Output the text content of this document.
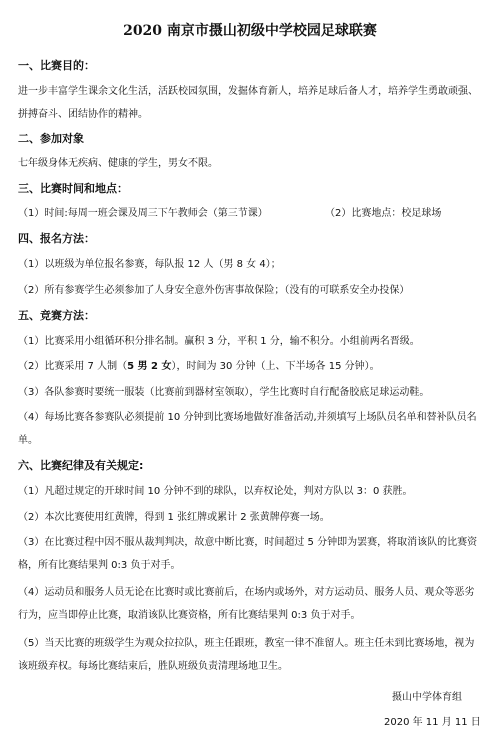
2020 南京市摄山初级中学校园足球联赛
一、比赛目的：
进一步丰富学生课余文化生活，活跃校园氛围，发掘体育新人，培养足球后备人才，培养学生勇敢顽强、拼搏奋斗、团结协作的精神。
二、参加对象
七年级身体无疾病、健康的学生，男女不限。
三、比赛时间和地点：
（1）时间:每周一班会课及周三下午教师会（第三节课）	（2）比赛地点：校足球场
四、报名方法：
（1）以班级为单位报名参赛，每队报 12 人（男 8 女 4）；
（2）所有参赛学生必须参加了人身安全意外伤害事故保险；（没有的可联系安全办投保）
五、竞赛方法：
（1）比赛采用小组循环积分排名制。赢积 3 分，平积 1 分，输不积分。小组前两名晋级。
（2）比赛采用 7 人制（5 男 2 女），时间为 30 分钟（上、下半场各 15 分钟）。
（3）各队参赛时要统一服装（比赛前到器材室领取），学生比赛时自行配备胶底足球运动鞋。
（4）每场比赛各参赛队必须提前 10 分钟到比赛场地做好准备活动,并须填写上场队员名单和替补队员名单。
六、比赛纪律及有关规定:
（1）凡超过规定的开球时间 10 分钟不到的球队，以弃权论处，判对方队以 3：0 获胜。
（2）本次比赛使用红黄牌，得到 1 张红牌或累计 2 张黄牌停赛一场。
（3）在比赛过程中因不服从裁判判决，故意中断比赛，时间超过 5 分钟即为罢赛，将取消该队的比赛资格，所有比赛结果判 0:3 负于对手。
（4）运动员和服务人员无论在比赛时或比赛前后，在场内或场外，对方运动员、服务人员、观众等恶劣行为，应当即停止比赛，取消该队比赛资格，所有比赛结果判 0:3 负于对手。
（5）当天比赛的班级学生为观众拉拉队，班主任跟班，教室一律不准留人。班主任未到比赛场地，视为该班级弃权。每场比赛结束后，胜队班级负责清理场地卫生。
摄山中学体育组
2020 年 11 月 11 日
